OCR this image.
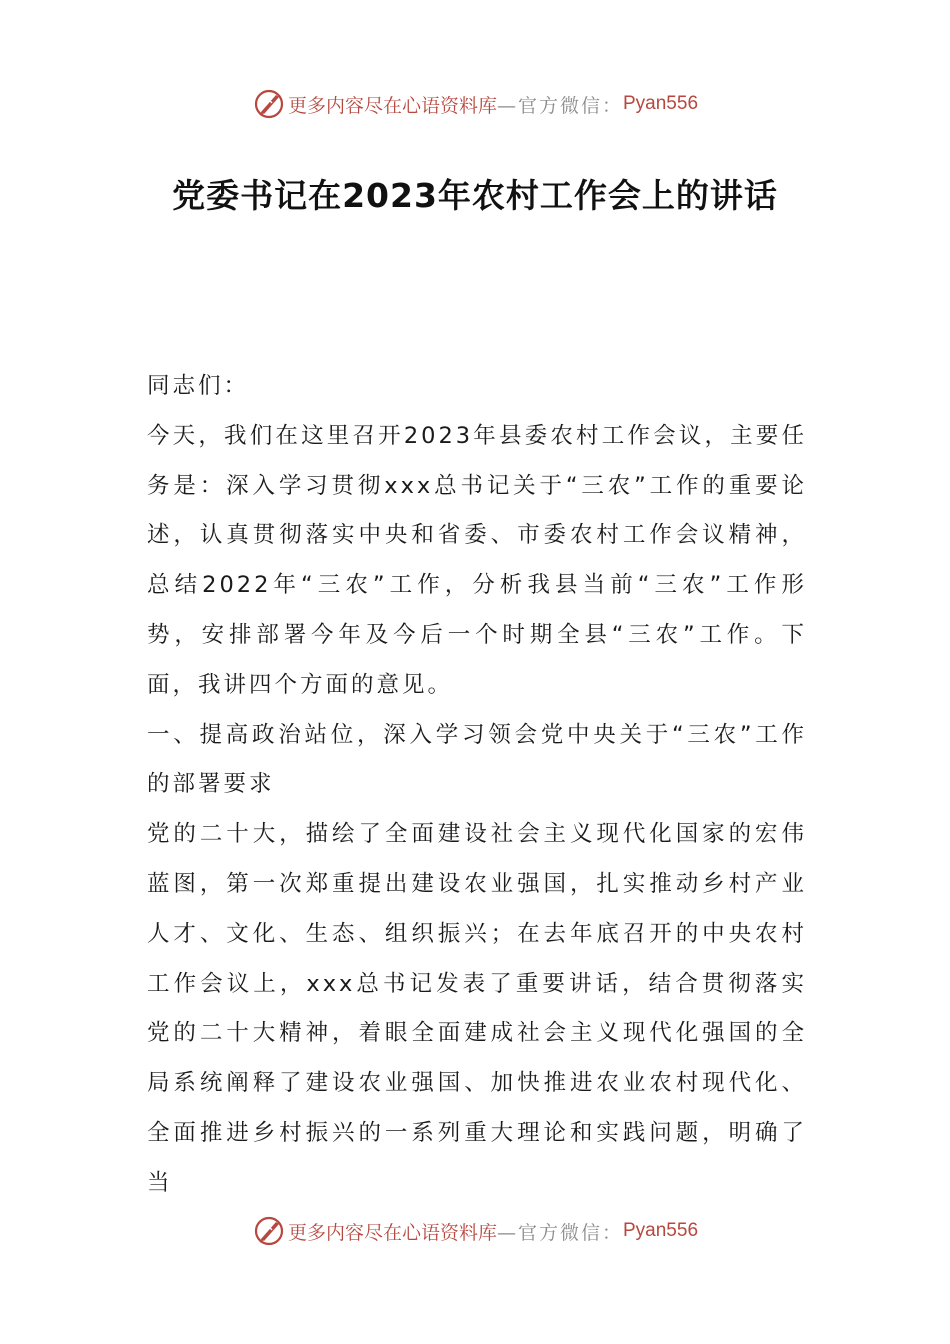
更多内容尽在心语资料库 —官方微信： Pyan556
党委书记在2023年农村工作会上的讲话

同志们：

今天，我们在这里召开2023年县委农村工作会议，主要任务是：深入学习贯彻xxx总书记关于“三农”工作的重要论述，认真贯彻落实中央和省委、市委农村工作会议精神，总结2022年“三农”工作，分析我县当前“三农”工作形势，安排部署今年及今后一个时期全县“三农”工作。下面，我讲四个方面的意见。

一、提高政治站位，深入学习领会党中央关于“三农”工作的部署要求

党的二十大，描绘了全面建设社会主义现代化国家的宏伟蓝图，第一次郑重提出建设农业强国，扎实推动乡村产业人才、文化、生态、组织振兴；在去年底召开的中央农村工作会议上，xxx总书记发表了重要讲话，结合贯彻落实党的二十大精神，着眼全面建成社会主义现代化强国的全局系统阐释了建设农业强国、加快推进农业农村现代化、全面推进乡村振兴的一系列重大理论和实践问题，明确了当

更多内容尽在心语资料库 —官方微信： Pyan556
